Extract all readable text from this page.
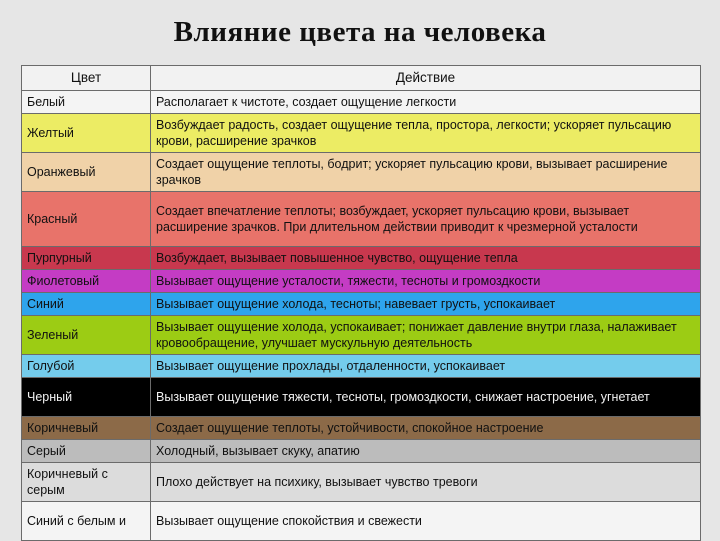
Влияние цвета на человека
Цвет	Действие
Белый	Располагает к чистоте, создает ощущение легкости
Желтый	Возбуждает радость, создает ощущение тепла, простора, легкости; ускоряет пульсацию крови, расширение зрачков
Оранжевый	Создает ощущение теплоты, бодрит; ускоряет пульсацию крови, вызывает расширение зрачков
Красный	Создает впечатление теплоты; возбуждает, ускоряет пульсацию крови, вызывает расширение зрачков. При длительном действии приводит к чрезмерной усталости
Пурпурный	Возбуждает, вызывает повышенное чувство, ощущение тепла
Фиолетовый	Вызывает ощущение усталости, тяжести, тесноты и громоздкости
Синий	Вызывает ощущение холода, тесноты; навевает грусть, успокаивает
Зеленый	Вызывает ощущение холода, успокаивает; понижает давление внутри глаза, налаживает кровообращение, улучшает мускульную деятельность
Голубой	Вызывает ощущение прохлады, отдаленности, успокаивает
Черный	Вызывает ощущение тяжести, тесноты, громоздкости, снижает настроение, угнетает
Коричневый	Создает ощущение теплоты, устойчивости, спокойное настроение
Серый	Холодный, вызывает скуку, апатию
Коричневый с серым	Плохо действует на психику, вызывает чувство тревоги
Синий с белым и	Вызывает ощущение спокойствия и свежести
